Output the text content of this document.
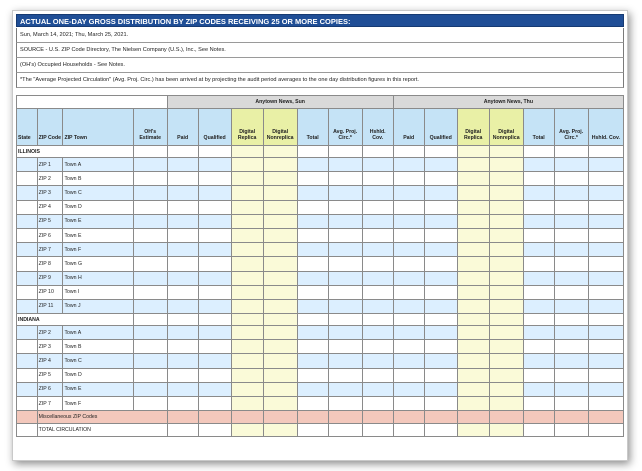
ACTUAL ONE-DAY GROSS DISTRIBUTION BY ZIP CODES RECEIVING 25 OR MORE COPIES:
Sun, March 14, 2021; Thu, March 25, 2021.
SOURCE - U.S. ZIP Code Directory, The Nielsen Company (U.S.), Inc., See Notes.
(OH's) Occupied Households - See Notes.
*The "Average Projected Circulation" (Avg. Proj. Circ.) has been arrived at by projecting the audit period averages to the one day distribution figures in this report.
				Anytown News, Sun							Anytown News, Thu						
State	ZIP Code	ZIP Town	OH's Estimate	Paid	Qualified	Digital Replica	Digital Nonreplica	Total	Avg. Proj. Circ.*	Hshld. Cov.	Paid	Qualified	Digital Replica	Digital Nonreplica	Total	Avg. Proj. Circ.*	Hshld. Cov.
ILLINOIS																	
	ZIP 1	Town A															
	ZIP 2	Town B															
	ZIP 3	Town C															
	ZIP 4	Town D															
	ZIP 5	Town E															
	ZIP 6	Town E															
	ZIP 7	Town F															
	ZIP 8	Town G															
	ZIP 9	Town H															
	ZIP 10	Town I															
	ZIP 11	Town J															
INDIANA																	
	ZIP 2	Town A															
	ZIP 3	Town B															
	ZIP 4	Town C															
	ZIP 5	Town D															
	ZIP 6	Town E															
	ZIP 7	Town F															
	Miscellaneous ZIP Codes																
	TOTAL CIRCULATION																
